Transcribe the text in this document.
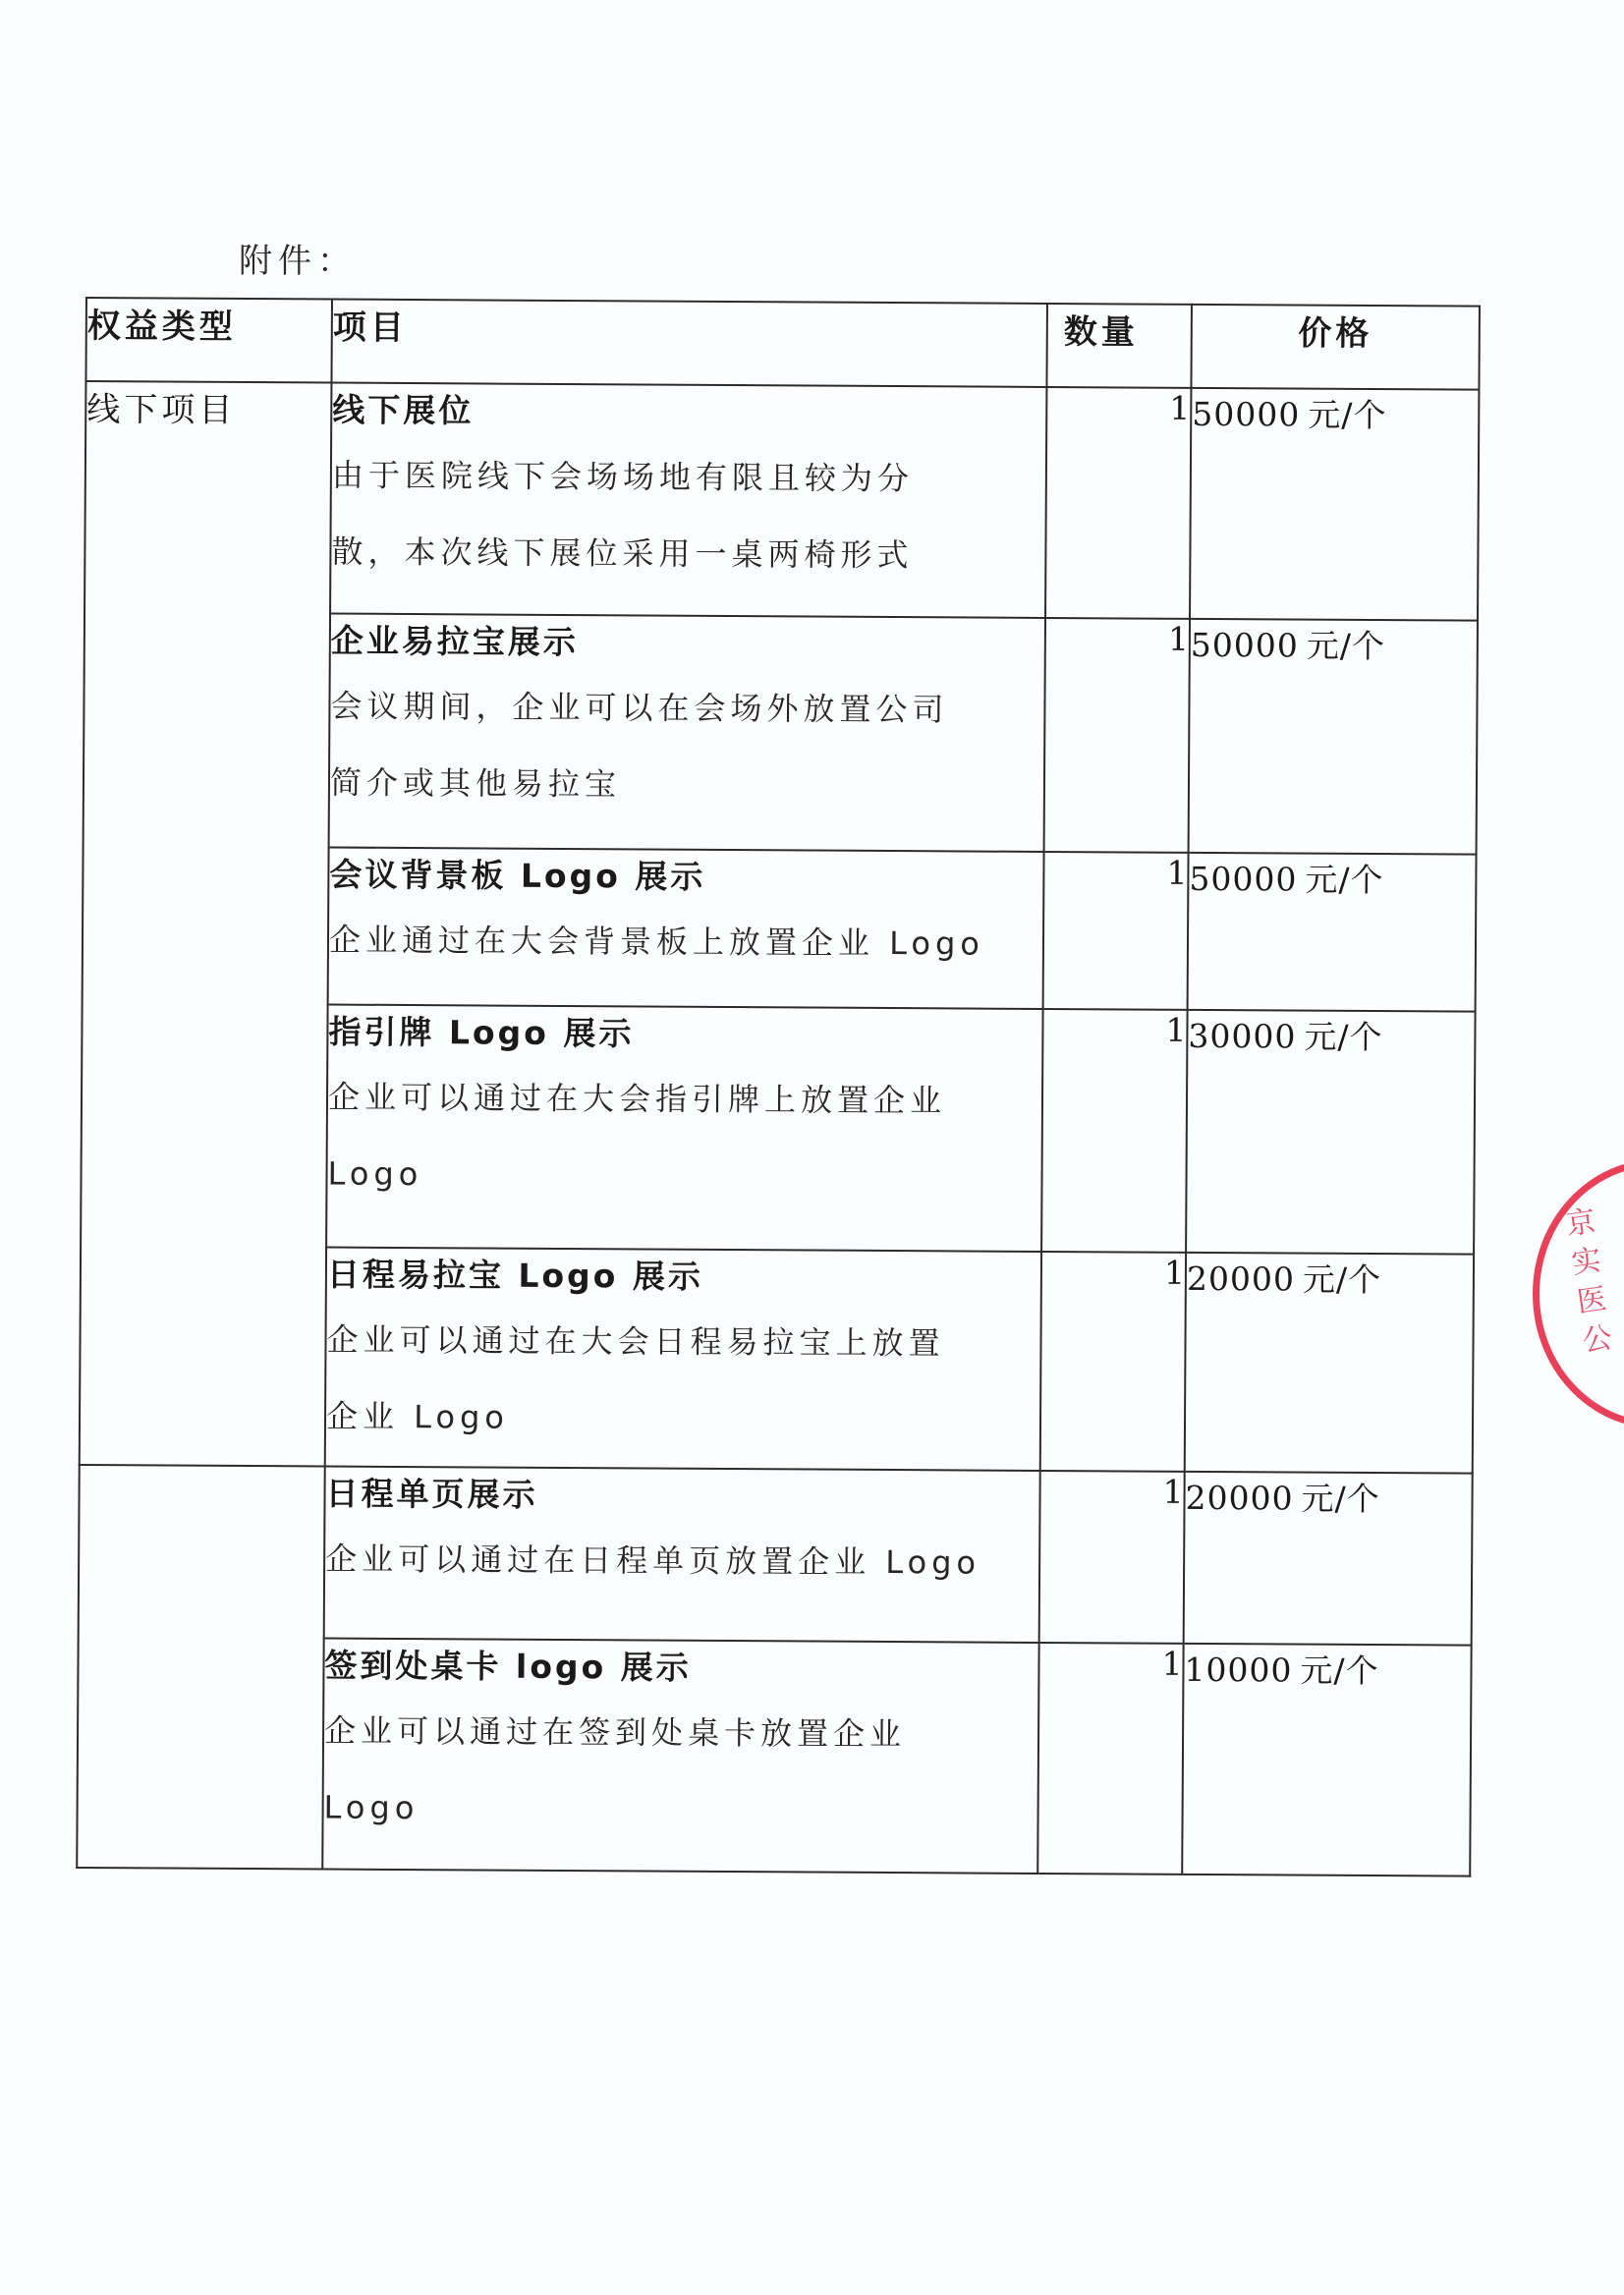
附件：
权益类型	项目	数量	价格
线下项目	线下展位
由于医院线下会场场地有限且较为分
散，本次线下展位采用一桌两椅形式	1	50000 元/个

	企业易拉宝展示
会议期间，企业可以在会场外放置公司
简介或其他易拉宝	1	50000 元/个

	会议背景板 Logo 展示
企业通过在大会背景板上放置企业 Logo	1	50000 元/个

	指引牌 Logo 展示
企业可以通过在大会指引牌上放置企业
Logo	1	30000 元/个

	日程易拉宝 Logo 展示
企业可以通过在大会日程易拉宝上放置
企业 Logo	1	20000 元/个

	日程单页展示
企业可以通过在日程单页放置企业 Logo	1	20000 元/个

	签到处桌卡 logo 展示
企业可以通过在签到处桌卡放置企业
Logo	1	10000 元/个
京实医公
